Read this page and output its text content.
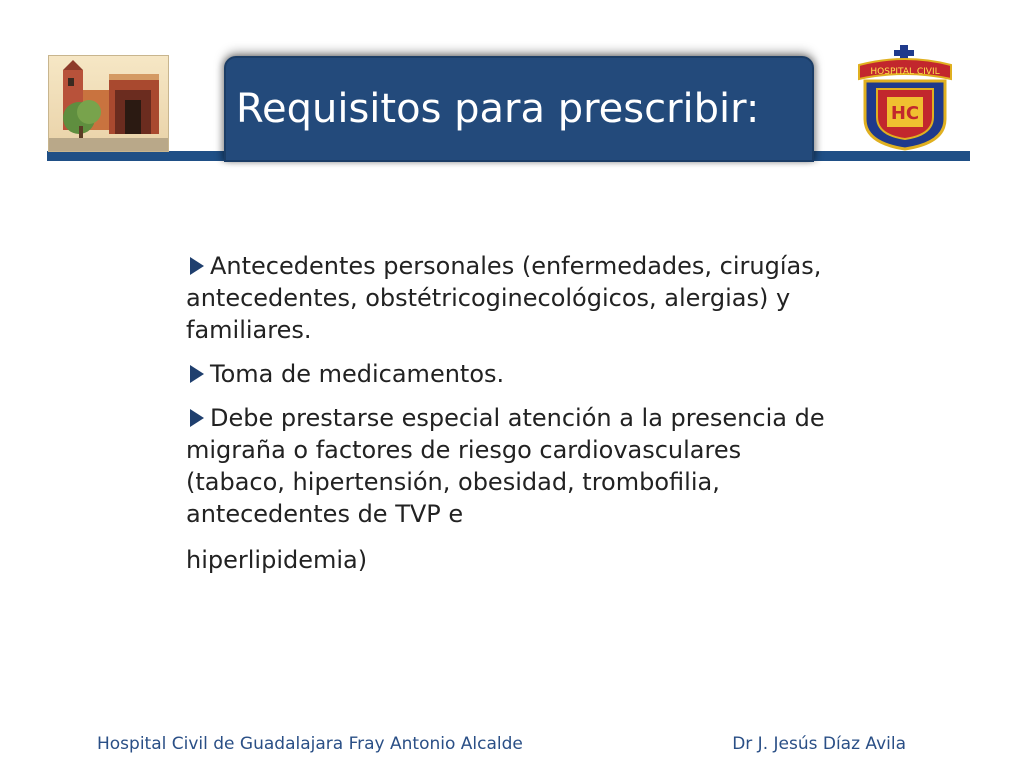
HOSPITAL CIVIL
HC
Requisitos para prescribir:

Antecedentes personales (enfermedades, cirugías, antecedentes, obstétricoginecológicos, alergias) y familiares.

Toma de medicamentos.

Debe prestarse especial atención a la presencia de migraña o factores de riesgo cardiovasculares (tabaco, hipertensión, obesidad, trombofilia, antecedentes de TVP e
hiperlipidemia)

Hospital Civil de Guadalajara Fray Antonio Alcalde	Dr J. Jesús Díaz Avila
